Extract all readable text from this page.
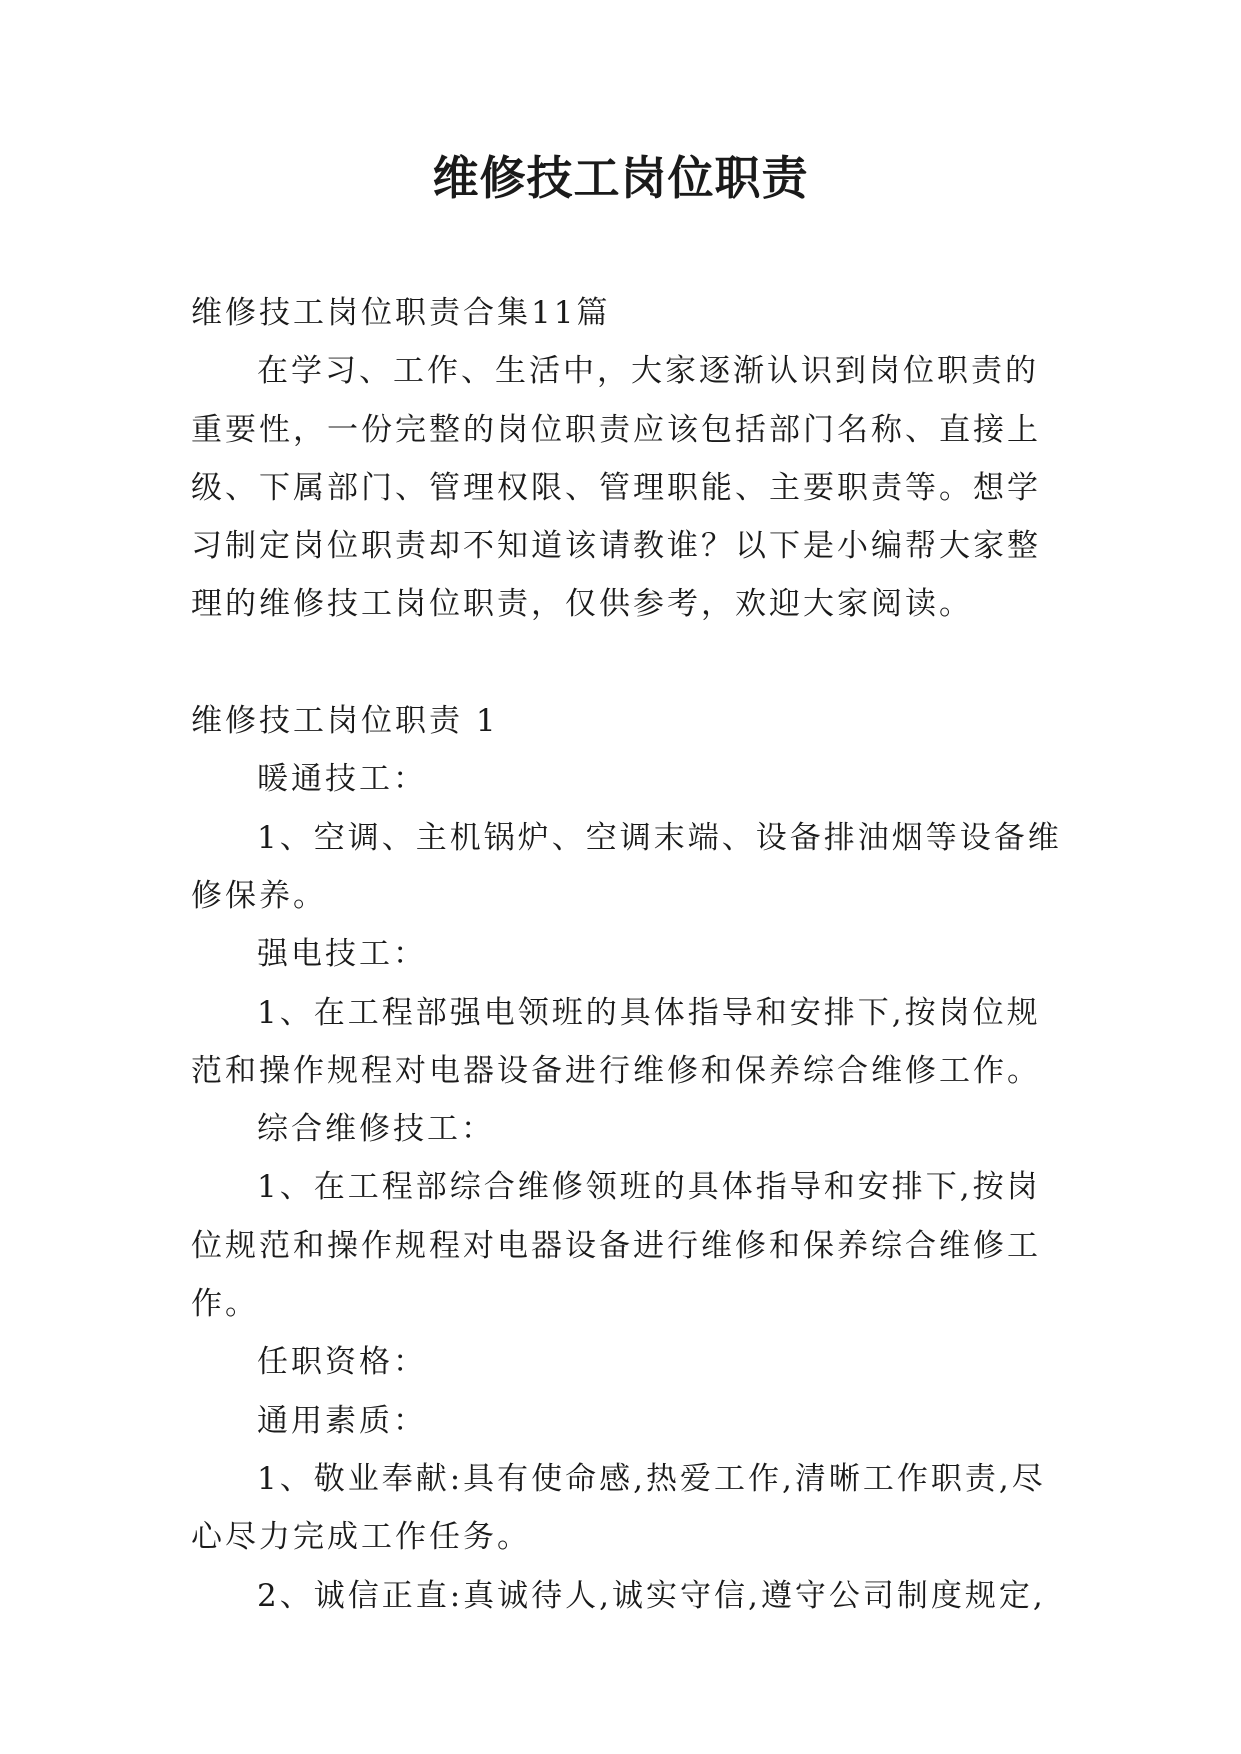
维修技工岗位职责

维修技工岗位职责合集11篇

在学习、工作、生活中，大家逐渐认识到岗位职责的重要性，一份完整的岗位职责应该包括部门名称、直接上级、下属部门、管理权限、管理职能、主要职责等。想学习制定岗位职责却不知道该请教谁？以下是小编帮大家整理的维修技工岗位职责，仅供参考，欢迎大家阅读。

维修技工岗位职责 1

暖通技工：

1、空调、主机锅炉、空调末端、设备排油烟等设备维修保养。

强电技工：

1、在工程部强电领班的具体指导和安排下,按岗位规范和操作规程对电器设备进行维修和保养综合维修工作。

综合维修技工：

1、在工程部综合维修领班的具体指导和安排下,按岗位规范和操作规程对电器设备进行维修和保养综合维修工作。

任职资格：

通用素质：

1、敬业奉献:具有使命感,热爱工作,清晰工作职责,尽心尽力完成工作任务。

2、诚信正直:真诚待人,诚实守信,遵守公司制度规定,
